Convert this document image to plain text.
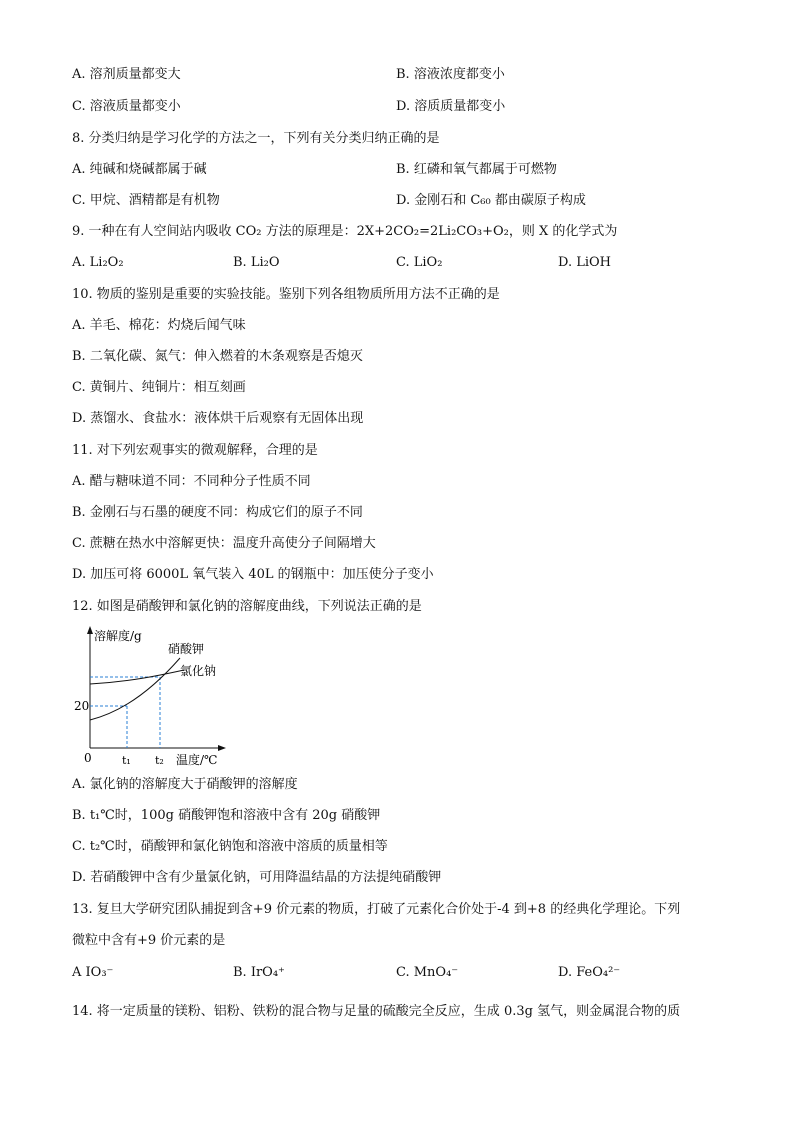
A. 溶剂质量都变大	B. 溶液浓度都变小
C. 溶液质量都变小	D. 溶质质量都变小
8. 分类归纳是学习化学的方法之一，下列有关分类归纳正确的是
A. 纯碱和烧碱都属于碱	B. 红磷和氧气都属于可燃物
C. 甲烷、酒精都是有机物	D. 金刚石和 C₆₀ 都由碳原子构成
9. 一种在有人空间站内吸收 CO₂ 方法的原理是：2X+2CO₂=2Li₂CO₃+O₂，则 X 的化学式为
A. Li₂O₂	B. Li₂O	C. LiO₂	D. LiOH
10. 物质的鉴别是重要的实验技能。鉴别下列各组物质所用方法不正确的是
A. 羊毛、棉花：灼烧后闻气味
B. 二氧化碳、氮气：伸入燃着的木条观察是否熄灭
C. 黄铜片、纯铜片：相互刻画
D. 蒸馏水、食盐水：液体烘干后观察有无固体出现
11. 对下列宏观事实的微观解释，合理的是
A. 醋与糖味道不同：不同种分子性质不同
B. 金刚石与石墨的硬度不同：构成它们的原子不同
C. 蔗糖在热水中溶解更快：温度升高使分子间隔增大
D. 加压可将 6000L 氧气装入 40L 的钢瓶中：加压使分子变小
12. 如图是硝酸钾和氯化钠的溶解度曲线，下列说法正确的是
溶解度/g
硝酸钾
氯化钠
20
0	t₁ t₂ 温度/℃
A. 氯化钠的溶解度大于硝酸钾的溶解度
B. t₁℃时，100g 硝酸钾饱和溶液中含有 20g 硝酸钾
C. t₂℃时，硝酸钾和氯化钠饱和溶液中溶质的质量相等
D. 若硝酸钾中含有少量氯化钠，可用降温结晶的方法提纯硝酸钾
13. 复旦大学研究团队捕捉到含+9 价元素的物质，打破了元素化合价处于-4 到+8 的经典化学理论。下列
微粒中含有+9 价元素的是
A IO₃⁻	B. IrO₄⁺	C. MnO₄⁻	D. FeO₄²⁻
14. 将一定质量的镁粉、铝粉、铁粉的混合物与足量的硫酸完全反应，生成 0.3g 氢气，则金属混合物的质
